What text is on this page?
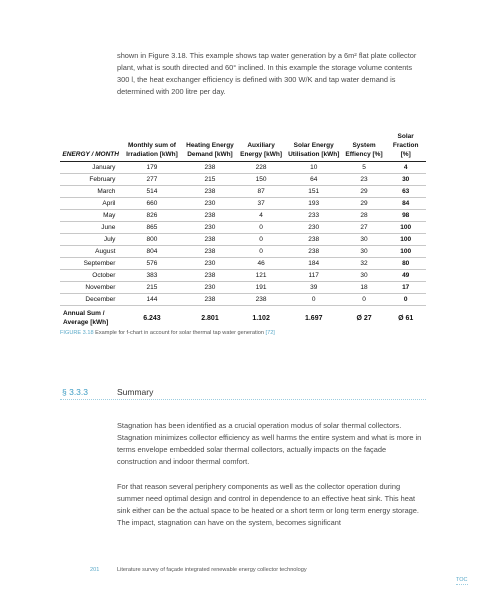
shown in Figure 3.18. This example shows tap water generation by a 6m² flat plate collector plant, what is south directed and 60° inclined. In this example the storage volume contents 300 l, the heat exchanger efficiency is defined with 300 W/K and tap water demand is determined with 200 litre per day.
ENERGY / MONTH	Monthly sum of Irradiation [kWh]	Heating Energy Demand [kWh]	Auxiliary Energy [kWh]	Solar Energy Utilisation [kWh]	System Effiency [%]	Solar Fraction [%]
January	179	238	228	10	5	4
February	277	215	150	64	23	30
March	514	238	87	151	29	63
April	660	230	37	193	29	84
May	826	238	4	233	28	98
June	865	230	0	230	27	100
July	800	238	0	238	30	100
August	804	238	0	238	30	100
September	576	230	46	184	32	80
October	383	238	121	117	30	49
November	215	230	191	39	18	17
December	144	238	238	0	0	0
Annual Sum / Average [kWh]	6.243	2.801	1.102	1.697	Ø 27	Ø 61
FIGURE 3.18 Example for f-chart in account for solar thermal tap water generation [72]
§ 3.3.3	Summary
Stagnation has been identified as a crucial operation modus of solar thermal collectors. Stagnation minimizes collector efficiency as well harms the entire system and what is more in terms envelope embedded solar thermal collectors, actually impacts on the façade construction and indoor thermal comfort.
For that reason several periphery components as well as the collector operation during summer need optimal design and control in dependence to an effective heat sink. This heat sink either can be the actual space to be heated or a short term or long term energy storage. The impact, stagnation can have on the system, becomes significant
201	Literature survey of façade integrated renewable energy collector technology
TOC
